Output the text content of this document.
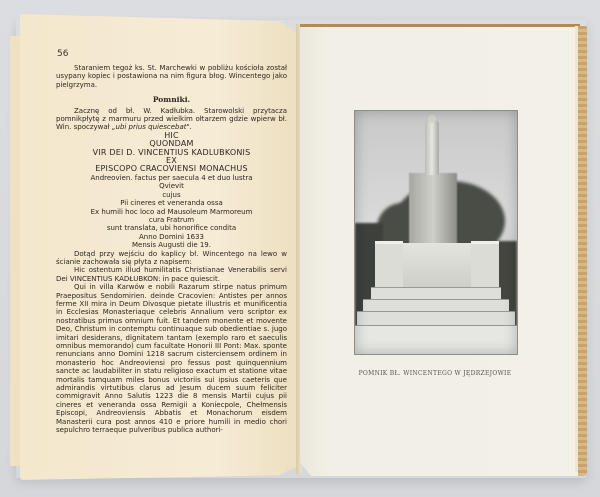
56

Staraniem tegoż ks. St. Marchewki w pobliżu kościoła został usypany kopiec i postawiona na nim figura błog. Wincentego jako pielgrzyma.

Pomniki.

Zacznę od bł. W. Kadłubka. Starowolski przytacza pomnikpłytę z marmuru przed wielkim ołtarzem gdzie wpierw bł. Win. spoczywał „ubi prius quiescebat".

HIC

QUONDAM

VIR DEI D. VINCENTIUS KADLUBKONIS

EX

EPISCOPO CRACOVIENSI MONACHUS

Andreovien. factus per saecula 4 et duo lustra

Qvievit

cujus

Pii cineres et veneranda ossa

Ex humili hoc loco ad Mausoleum Marmoreum

cura Fratrum

sunt translata, ubi honorifice condita

Anno Domini 1633

Mensis Augusti die 19.

Dotąd przy wejściu do kaplicy bł. Wincentego na lewo w ścianie zachowała się płyta z napisem:

Hic ostentum illud humilitatis Christianae Venerabilis servi Dei VINCENTIUS KADŁUBKON: in pace quiescit.

Qui in villa Karwów e nobili Razarum stirpe natus primum Praepositus Sendomirien. deinde Cracovien: Antistes per annos ferme XII mira in Deum Divosque pietate illustris et munificentia in Ecclesias Monasteriaque celebris Annalium vero scriptor ex nostratibus primus omnium fuit. Et tandem monente et movente Deo, Christum in contemptu continuaque sub obedientiae s. jugo imitari desiderans, dignitatem tantam (exemplo raro et saeculis omnibus memorando) cum facultate Honorii III Pont: Max. sponte renuncians anno Domini 1218 sacrum cisterciensem ordinem in monasterio hoc Andreoviensi pro fessus post quinquennium sancte ac laudabiliter in statu religioso exactum et statione vitae mortalis tamquam miles bonus victoriis sui ipsius caeteris que admirandis virtutibus clarus ad Jesum ducem suum feliciter commigravit Anno Salutis 1223 die 8 mensis Martii cujus pii cineres et veneranda ossa Remigii a Koniecpole, Chełmensis Episcopi, Andreoviensis Abbatis et Monachorum eisdem Manasterii cura post annos 410 e priore humili in medio chori sepulchro terraeque pulveribus publica authori-

POMNIK BŁ. WINCENTEGO W JĘDRZEJOWIE
